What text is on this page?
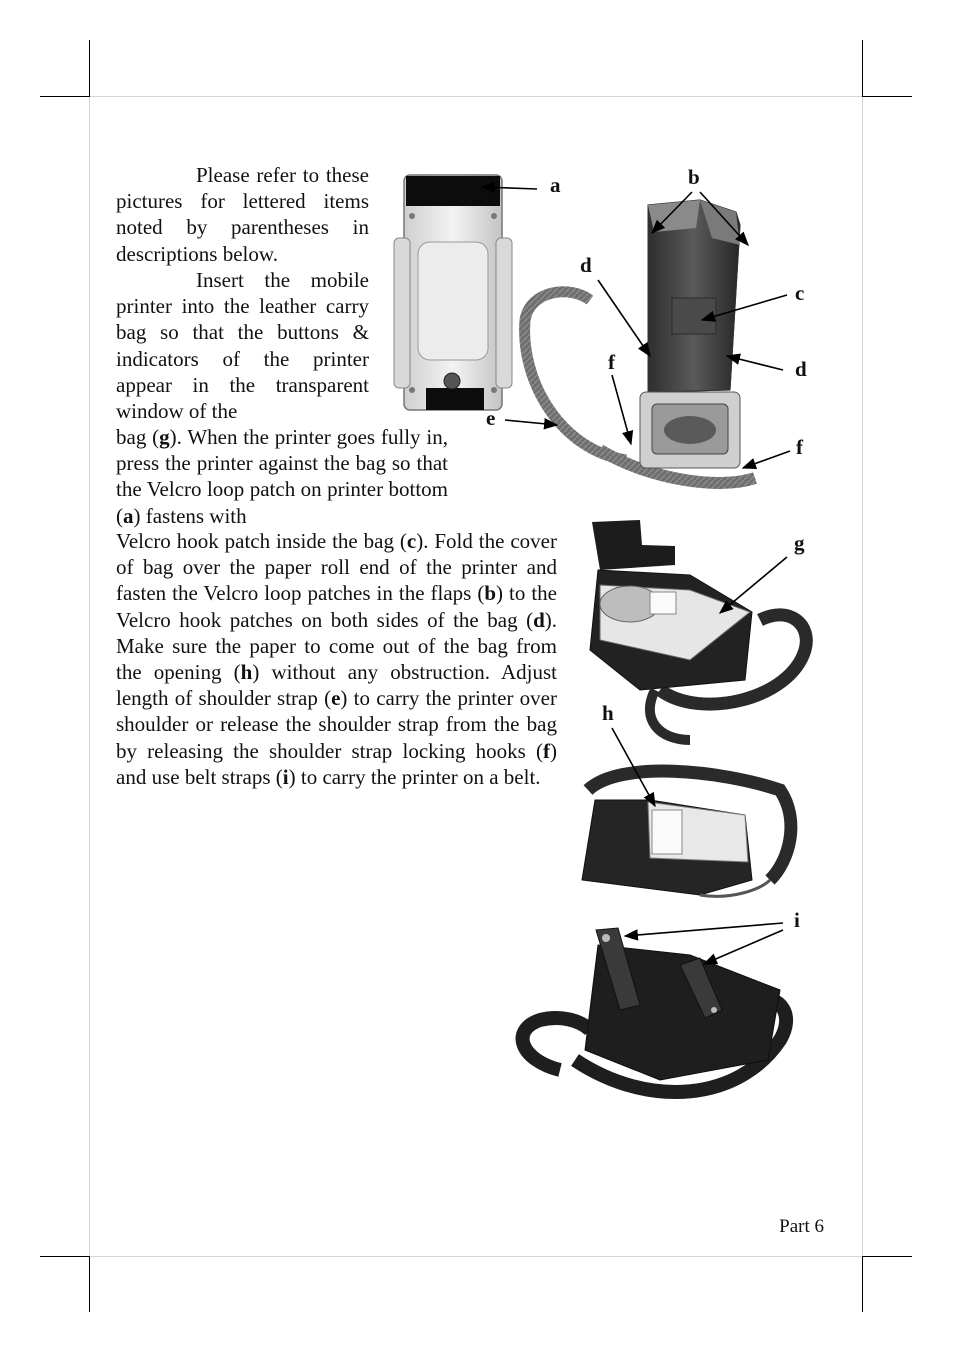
Please refer to these pictures for lettered items noted by parentheses in descriptions below.
Insert the mobile printer into the leather carry bag so that the buttons & indicators of the printer appear in the transparent window of the
bag (g). When the printer goes fully in, press the printer against the bag so that the Velcro loop patch on printer bottom (a) fastens with
Velcro hook patch inside the bag (c). Fold the cover of bag over the paper roll end of the printer and fasten the Velcro loop patches in the flaps (b) to the Velcro hook patches on both sides of the bag (d). Make sure the paper to come out of the bag from the opening (h) without any obstruction. Adjust length of shoulder strap (e) to carry the printer over shoulder or release the shoulder strap from the bag by releasing the shoulder strap locking hooks (f) and use belt straps (i) to carry the printer on a belt.
a	b
c
d
d
e
f
f
g
h
i
Part 6
